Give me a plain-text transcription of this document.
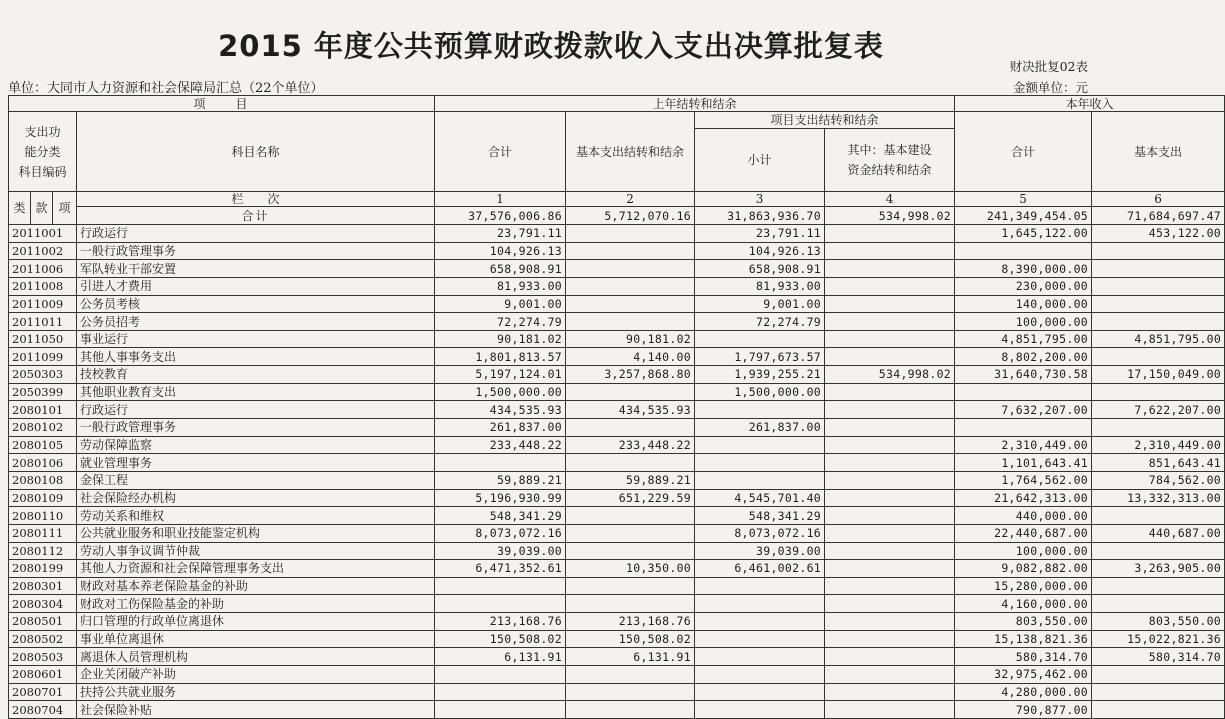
2015 年度公共预算财政拨款收入支出决算批复表
财决批复02表
单位：大同市人力资源和社会保障局汇总（22个单位）	金额单位：元
项　　目				上年结转和结余				本年收入	

支出功
能分类
科目编码			科目名称	合计	基本支出结转和结余	项目支出结转和结余		合计	基本支出
						小计	其中：基本建设
资金结转和结余		

类	款	项	栏　　次	1	2	3	4	5	6
			合计	37,576,006.86	5,712,070.16	31,863,936.70	534,998.02	241,349,454.05	71,684,697.47
2011001			行政运行	23,791.11		23,791.11		1,645,122.00	453,122.00
2011002			一般行政管理事务	104,926.13		104,926.13			
2011006			军队转业干部安置	658,908.91		658,908.91		8,390,000.00	
2011008			引进人才费用	81,933.00		81,933.00		230,000.00	
2011009			公务员考核	9,001.00		9,001.00		140,000.00	
2011011			公务员招考	72,274.79		72,274.79		100,000.00	
2011050			事业运行	90,181.02	90,181.02			4,851,795.00	4,851,795.00
2011099			其他人事事务支出	1,801,813.57	4,140.00	1,797,673.57		8,802,200.00	
2050303			技校教育	5,197,124.01	3,257,868.80	1,939,255.21	534,998.02	31,640,730.58	17,150,049.00
2050399			其他职业教育支出	1,500,000.00		1,500,000.00			
2080101			行政运行	434,535.93	434,535.93			7,632,207.00	7,622,207.00
2080102			一般行政管理事务	261,837.00		261,837.00			
2080105			劳动保障监察	233,448.22	233,448.22			2,310,449.00	2,310,449.00
2080106			就业管理事务					1,101,643.41	851,643.41
2080108			金保工程	59,889.21	59,889.21			1,764,562.00	784,562.00
2080109			社会保险经办机构	5,196,930.99	651,229.59	4,545,701.40		21,642,313.00	13,332,313.00
2080110			劳动关系和维权	548,341.29		548,341.29		440,000.00	
2080111			公共就业服务和职业技能鉴定机构	8,073,072.16		8,073,072.16		22,440,687.00	440,687.00
2080112			劳动人事争议调节仲裁	39,039.00		39,039.00		100,000.00	
2080199			其他人力资源和社会保障管理事务支出	6,471,352.61	10,350.00	6,461,002.61		9,082,882.00	3,263,905.00
2080301			财政对基本养老保险基金的补助					15,280,000.00	
2080304			财政对工伤保险基金的补助					4,160,000.00	
2080501			归口管理的行政单位离退休	213,168.76	213,168.76			803,550.00	803,550.00
2080502			事业单位离退休	150,508.02	150,508.02			15,138,821.36	15,022,821.36
2080503			离退休人员管理机构	6,131.91	6,131.91			580,314.70	580,314.70
2080601			企业关闭破产补助					32,975,462.00	
2080701			扶持公共就业服务					4,280,000.00	
2080704			社会保险补贴					790,877.00	
